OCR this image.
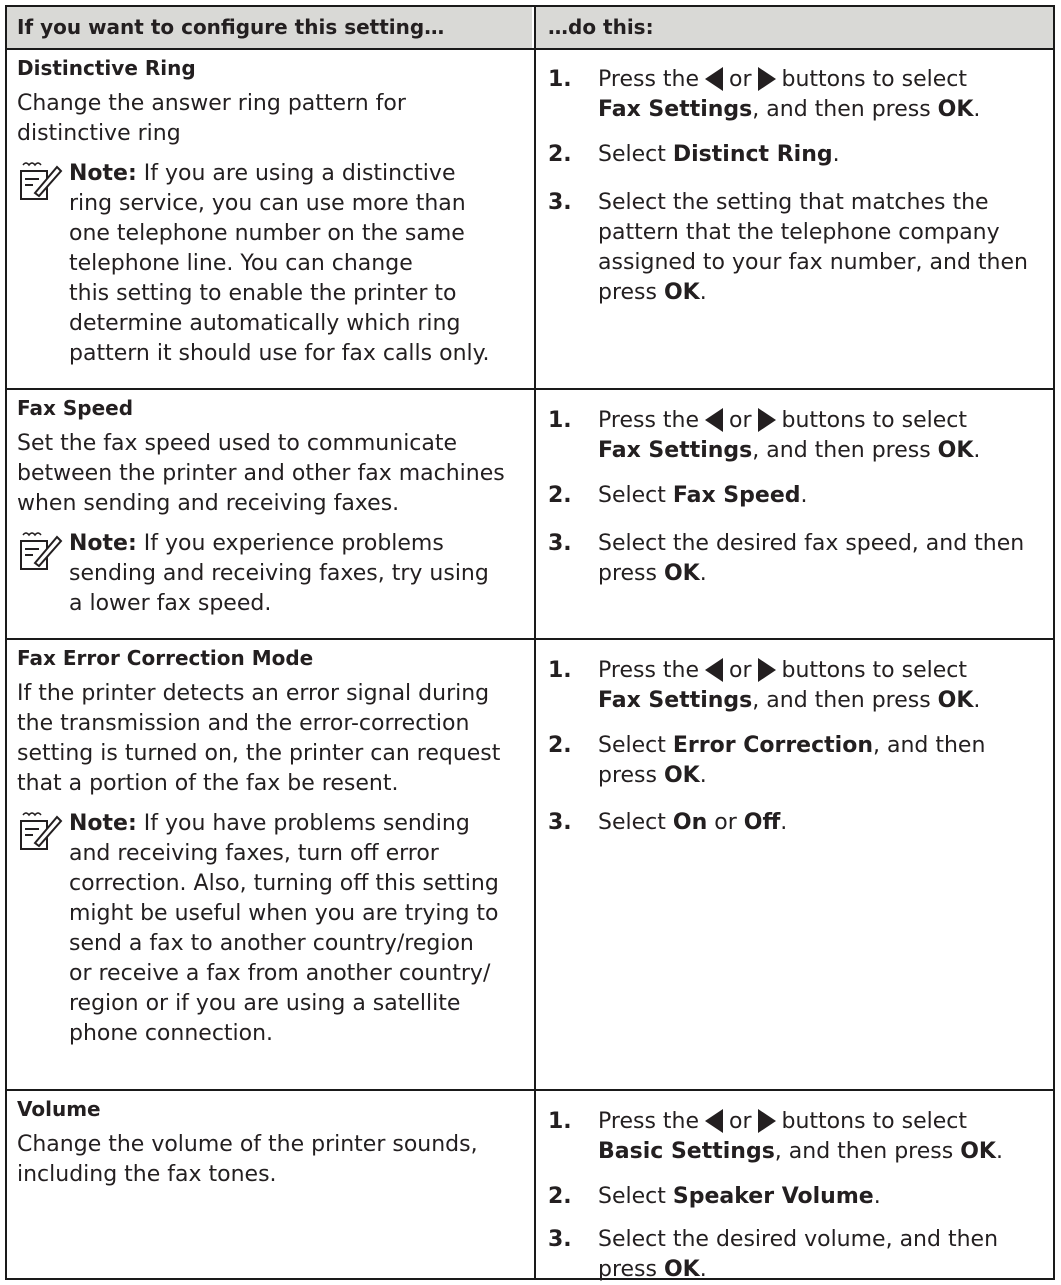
If you want to configure this setting…	…do this:

Distinctive Ring

Change the answer ring pattern for
distinctive ring

Note: If you are using a distinctive
ring service, you can use more than
one telephone number on the same
telephone line. You can change
this setting to enable the printer to
determine automatically which ring
pattern it should use for fax calls only.
1. Press the or buttons to select
Fax Settings, and then press OK.
2. Select Distinct Ring.
3. Select the setting that matches the
pattern that the telephone company
assigned to your fax number, and then
press OK.

Fax Speed

Set the fax speed used to communicate
between the printer and other fax machines
when sending and receiving faxes.

Note: If you experience problems
sending and receiving faxes, try using
a lower fax speed.
1. Press the or buttons to select
Fax Settings, and then press OK.
2. Select Fax Speed.
3. Select the desired fax speed, and then
press OK.

Fax Error Correction Mode

If the printer detects an error signal during
the transmission and the error-correction
setting is turned on, the printer can request
that a portion of the fax be resent.

Note: If you have problems sending
and receiving faxes, turn off error
correction. Also, turning off this setting
might be useful when you are trying to
send a fax to another country/region
or receive a fax from another country/
region or if you are using a satellite
phone connection.
1. Press the or buttons to select
Fax Settings, and then press OK.
2. Select Error Correction, and then
press OK.
3. Select On or Off.

Volume

Change the volume of the printer sounds,
including the fax tones.

1. Press the or buttons to select
Basic Settings, and then press OK.
2. Select Speaker Volume.
3. Select the desired volume, and then
press OK.
